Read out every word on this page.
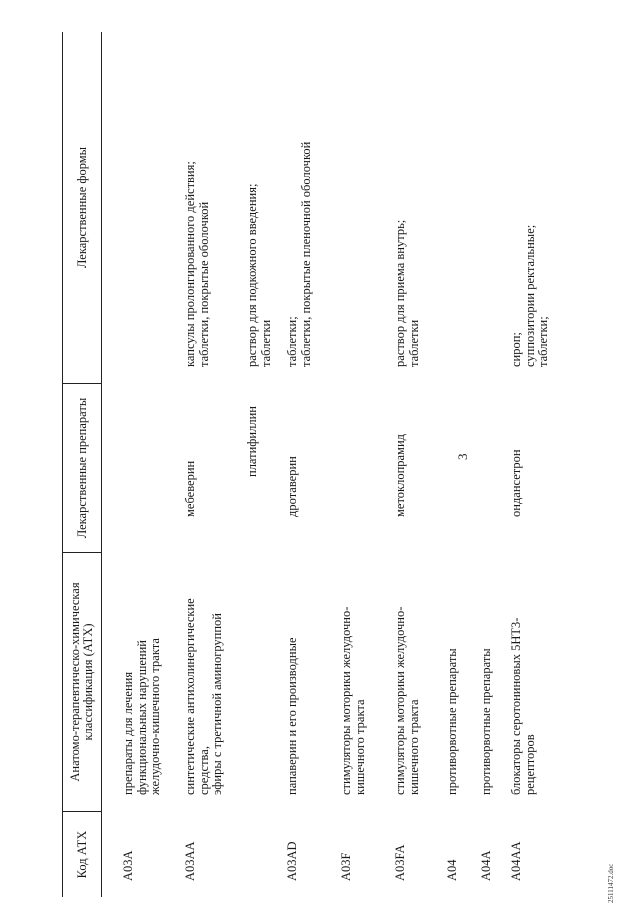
3
Код АТХ
Анатомо-терапевтическо-химическая
классификация (АТХ)
Лекарственные препараты
Лекарственные формы
A03A
препараты для лечения
функциональных нарушений
желудочно-кишечного тракта
A03AA
синтетические антихолинергические
средства,
эфиры с третичной аминогруппой
мебеверин
капсулы пролонгированного действия;
таблетки, покрытые оболочкой
платифиллин
раствор для подкожного введения;
таблетки
A03AD
папаверин и его производные
дротаверин
таблетки;
таблетки, покрытые пленочной оболочкой
A03F
стимуляторы моторики желудочно-
кишечного тракта
A03FA
стимуляторы моторики желудочно-
кишечного тракта
метоклопрамид
раствор для приема внутрь;
таблетки
A04
противорвотные препараты
A04A
противорвотные препараты
A04AA
блокаторы серотониновых 5HT3-
рецепторов
ондансетрон
сироп;
суппозитории ректальные;
таблетки;
25111472.doc
